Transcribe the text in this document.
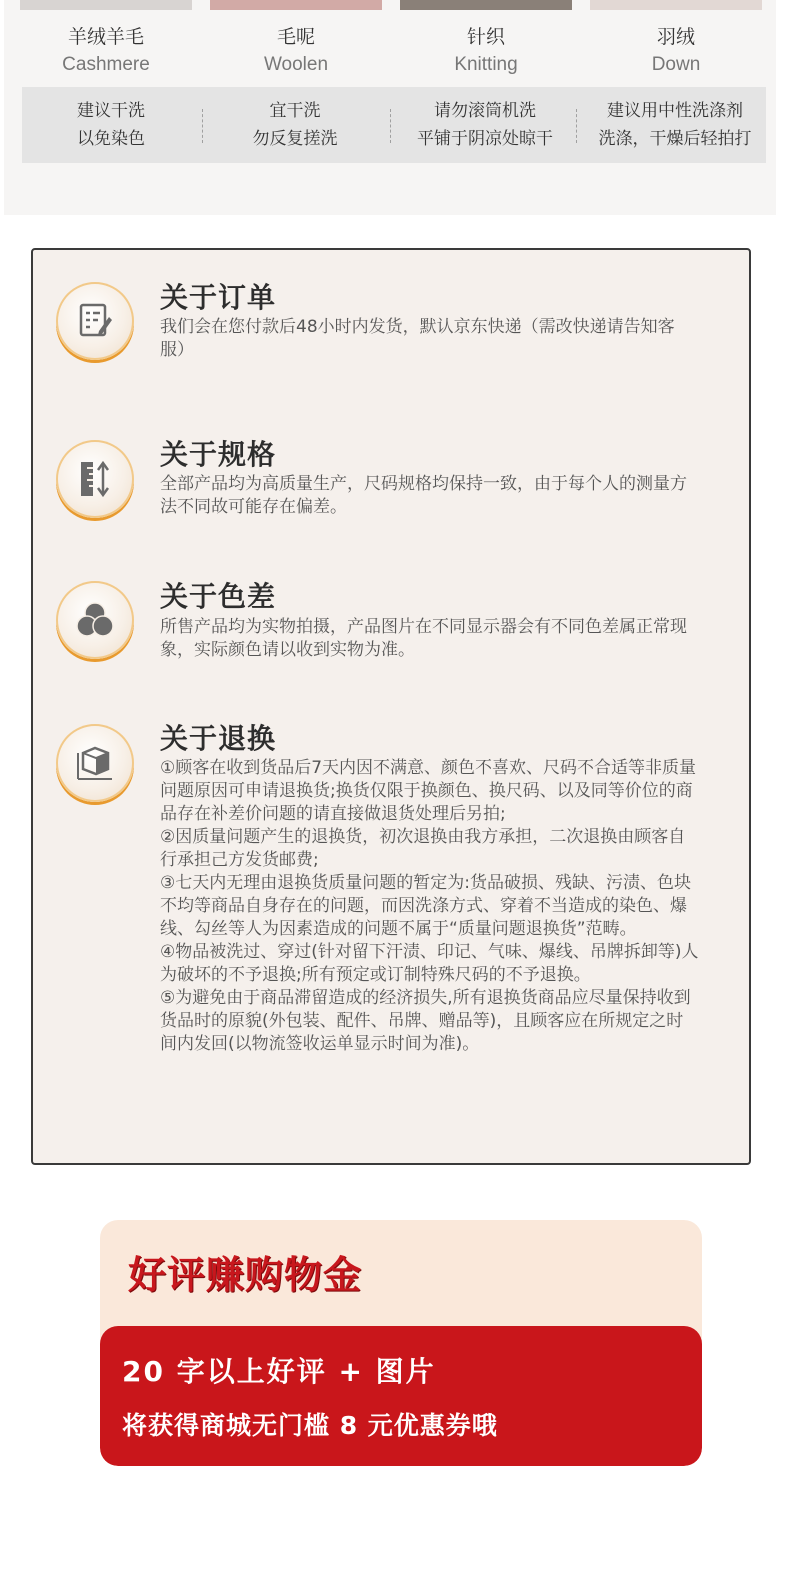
羊绒羊毛
Cashmere
毛呢
Woolen
针织
Knitting
羽绒
Down
建议干洗
以免染色
宜干洗
勿反复搓洗
请勿滚筒机洗
平铺于阴凉处晾干
建议用中性洗涤剂
洗涤，干燥后轻拍打
关于订单
我们会在您付款后48小时内发货，默认京东快递（需改快递请告知客服）
关于规格
全部产品均为高质量生产，尺码规格均保持一致，由于每个人的测量方法不同故可能存在偏差。
关于色差
所售产品均为实物拍摄，产品图片在不同显示器会有不同色差属正常现象，实际颜色请以收到实物为准。
关于退换

①顾客在收到货品后7天内因不满意、颜色不喜欢、尺码不合适等非质量问题原因可申请退换货;换货仅限于换颜色、换尺码、以及同等价位的商品存在补差价问题的请直接做退货处理后另拍;

②因质量问题产生的退换货，初次退换由我方承担，二次退换由顾客自行承担己方发货邮费;

③七天内无理由退换货质量问题的暂定为:货品破损、残缺、污渍、色块不均等商品自身存在的问题，而因洗涤方式、穿着不当造成的染色、爆线、勾丝等人为因素造成的问题不属于“质量问题退换货”范畴。

④物品被洗过、穿过(针对留下汗渍、印记、气味、爆线、吊牌拆卸等)人为破坏的不予退换;所有预定或订制特殊尺码的不予退换。

⑤为避免由于商品滞留造成的经济损失,所有退换货商品应尽量保持收到货品时的原貌(外包装、配件、吊牌、赠品等)，且顾客应在所规定之时间内发回(以物流签收运单显示时间为准)。

好评赚购物金
20 字以上好评 + 图片
将获得商城无门槛 8 元优惠券哦
